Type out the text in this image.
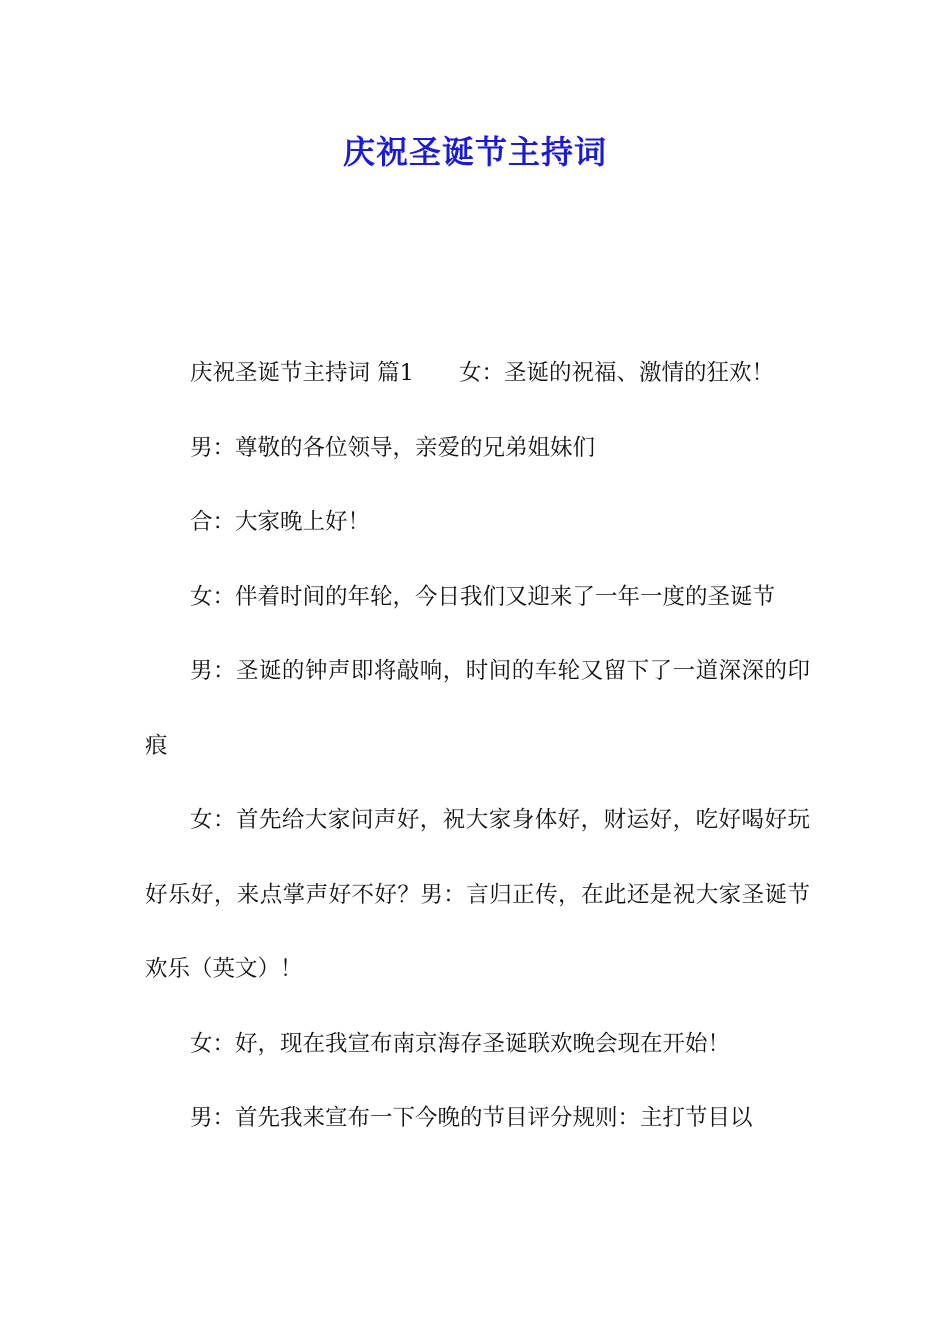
庆祝圣诞节主持词

庆祝圣诞节主持词 篇1　　女：圣诞的祝福、激情的狂欢！

男：尊敬的各位领导，亲爱的兄弟姐妹们

合：大家晚上好！

女：伴着时间的年轮，今日我们又迎来了一年一度的圣诞节

男：圣诞的钟声即将敲响，时间的车轮又留下了一道深深的印痕

女：首先给大家问声好，祝大家身体好，财运好，吃好喝好玩好乐好，来点掌声好不好？男：言归正传，在此还是祝大家圣诞节欢乐（英文）！

女：好，现在我宣布南京海存圣诞联欢晚会现在开始！

男：首先我来宣布一下今晚的节目评分规则：主打节目以
